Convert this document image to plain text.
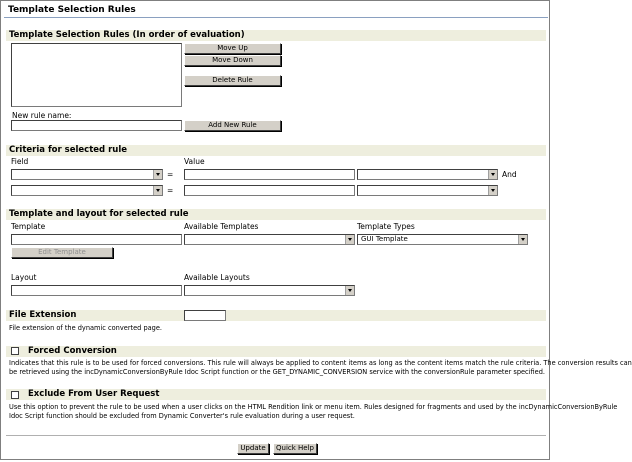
Template Selection Rules
Template Selection Rules (In order of evaluation)
Move Up
Move Down
Delete Rule
New rule name:
Add New Rule
Criteria for selected rule
Field	Value
=	And
=
Template and layout for selected rule
Template	Available Templates	Template Types
GUI Template
Edit Template
Layout	Available Layouts
File Extension
File extension of the dynamic converted page.
Forced Conversion
Indicates that this rule is to be used for forced conversions. This rule will always be applied to content items as long as the content items match the rule criteria. The conversion results can
be retrieved using the incDynamicConversionByRule Idoc Script function or the GET_DYNAMIC_CONVERSION service with the conversionRule parameter specified.
Exclude From User Request
Use this option to prevent the rule to be used when a user clicks on the HTML Rendition link or menu item. Rules designed for fragments and used by the incDynamicConversionByRule
Idoc Script function should be excluded from Dynamic Converter's rule evaluation during a user request.
Update	Quick Help
